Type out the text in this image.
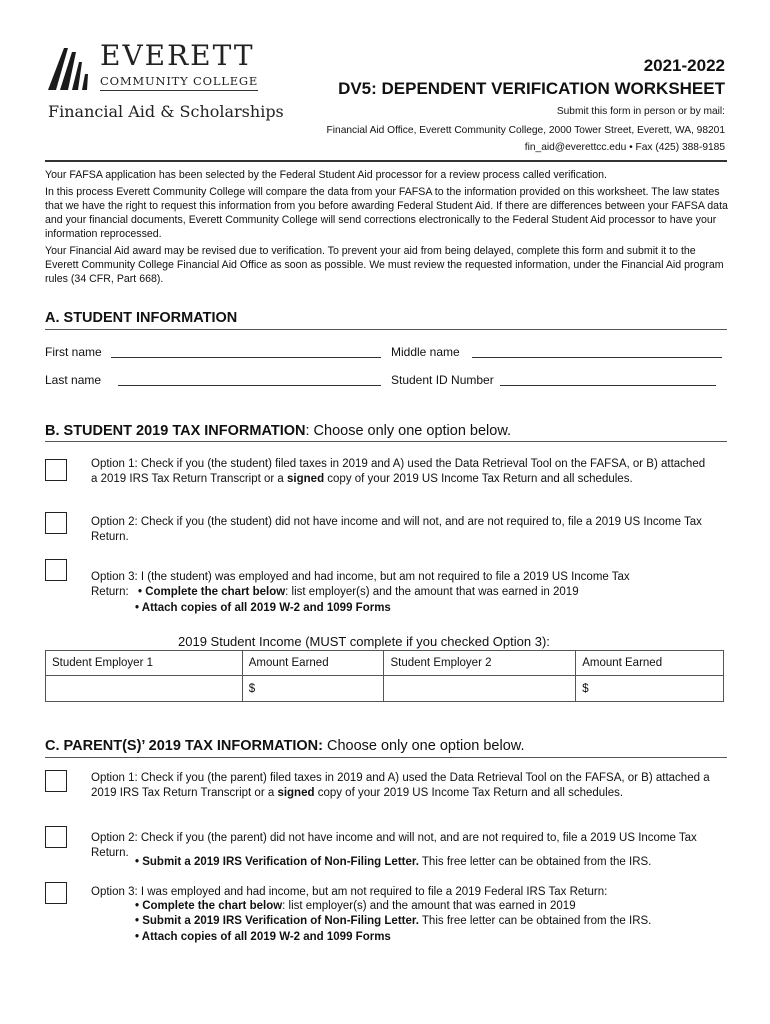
EVERETT
COMMUNITY COLLEGE
Financial Aid & Scholarships
2021-2022
DV5: DEPENDENT VERIFICATION WORKSHEET
Submit this form in person or by mail:
Financial Aid Office, Everett Community College, 2000 Tower Street, Everett, WA, 98201
fin_aid@everettcc.edu • Fax (425) 388-9185
Your FAFSA application has been selected by the Federal Student Aid processor for a review process called verification.
In this process Everett Community College will compare the data from your FAFSA to the information provided on this worksheet. The law states that we have the right to request this information from you before awarding Federal Student Aid. If there are differences between your FAFSA data and your financial documents, Everett Community College will send corrections electronically to the Federal Student Aid processor to have your information reprocessed.
Your Financial Aid award may be revised due to verification. To prevent your aid from being delayed, complete this form and submit it to the Everett Community College Financial Aid Office as soon as possible. We must review the requested information, under the Financial Aid program rules (34 CFR, Part 668).
A. STUDENT INFORMATION
First name	Middle name
Last name	Student ID Number
B. STUDENT 2019 TAX INFORMATION: Choose only one option below.
Option 1: Check if you (the student) filed taxes in 2019 and A) used the Data Retrieval Tool on the FAFSA, or B) attached a 2019 IRS Tax Return Transcript or a signed copy of your 2019 US Income Tax Return and all schedules.
Option 2: Check if you (the student) did not have income and will not, and are not required to, file a 2019 US Income Tax Return.
Option 3: I (the student) was employed and had income, but am not required to file a 2019 US Income Tax
Return: • Complete the chart below: list employer(s) and the amount that was earned in 2019
• Attach copies of all 2019 W-2 and 1099 Forms
2019 Student Income (MUST complete if you checked Option 3):
Student Employer 1	Amount Earned	Student Employer 2	Amount Earned
	$		$
C. PARENT(S)’ 2019 TAX INFORMATION: Choose only one option below.
Option 1: Check if you (the parent) filed taxes in 2019 and A) used the Data Retrieval Tool on the FAFSA, or B) attached a 2019 IRS Tax Return Transcript or a signed copy of your 2019 US Income Tax Return and all schedules.
Option 2: Check if you (the parent) did not have income and will not, and are not required to, file a 2019 US Income Tax Return.
• Submit a 2019 IRS Verification of Non-Filing Letter. This free letter can be obtained from the IRS.
Option 3: I was employed and had income, but am not required to file a 2019 Federal IRS Tax Return:
• Complete the chart below: list employer(s) and the amount that was earned in 2019
• Submit a 2019 IRS Verification of Non-Filing Letter. This free letter can be obtained from the IRS.
• Attach copies of all 2019 W-2 and 1099 Forms
